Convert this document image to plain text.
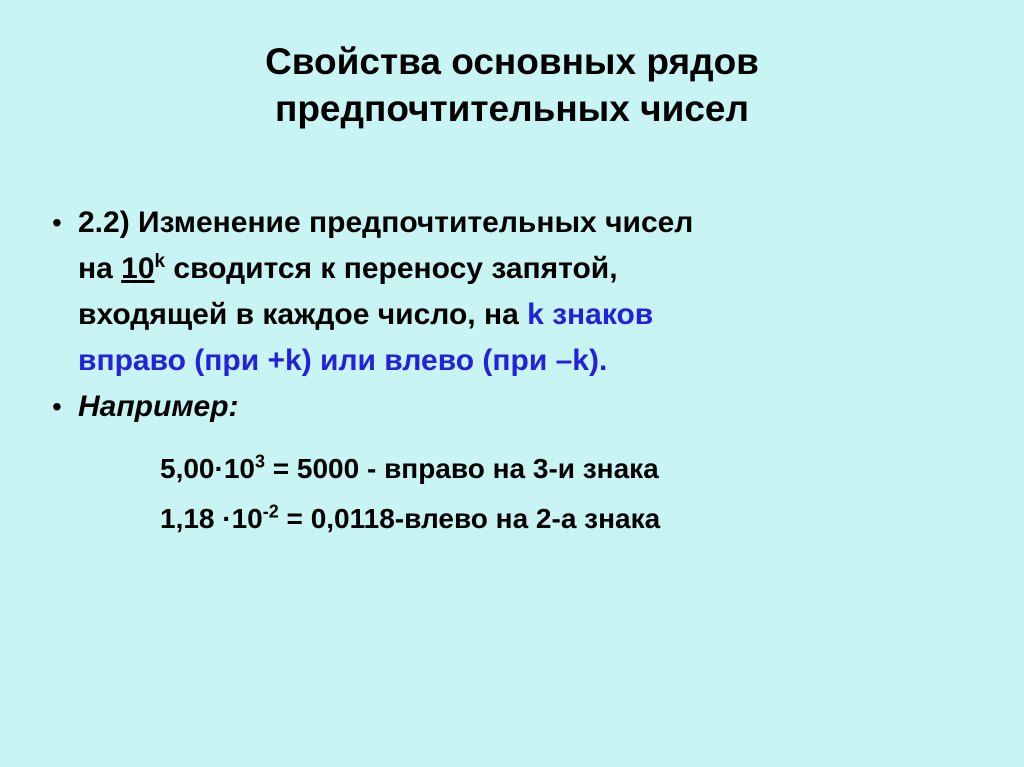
Свойства основных рядов
предпочтительных чисел
• 2.2) Изменение предпочтительных чисел
на 10$^k$ сводится к переносу запятой,
входящей в каждое число, на k знаков
вправо (при +k) или влево (при –k).
• Например:
$5,00\cdot 10^3 = 5000$ - вправо на 3-и знака
$1,18 \cdot 10^{-2}$ = 0,0118-влево на 2-а знака
